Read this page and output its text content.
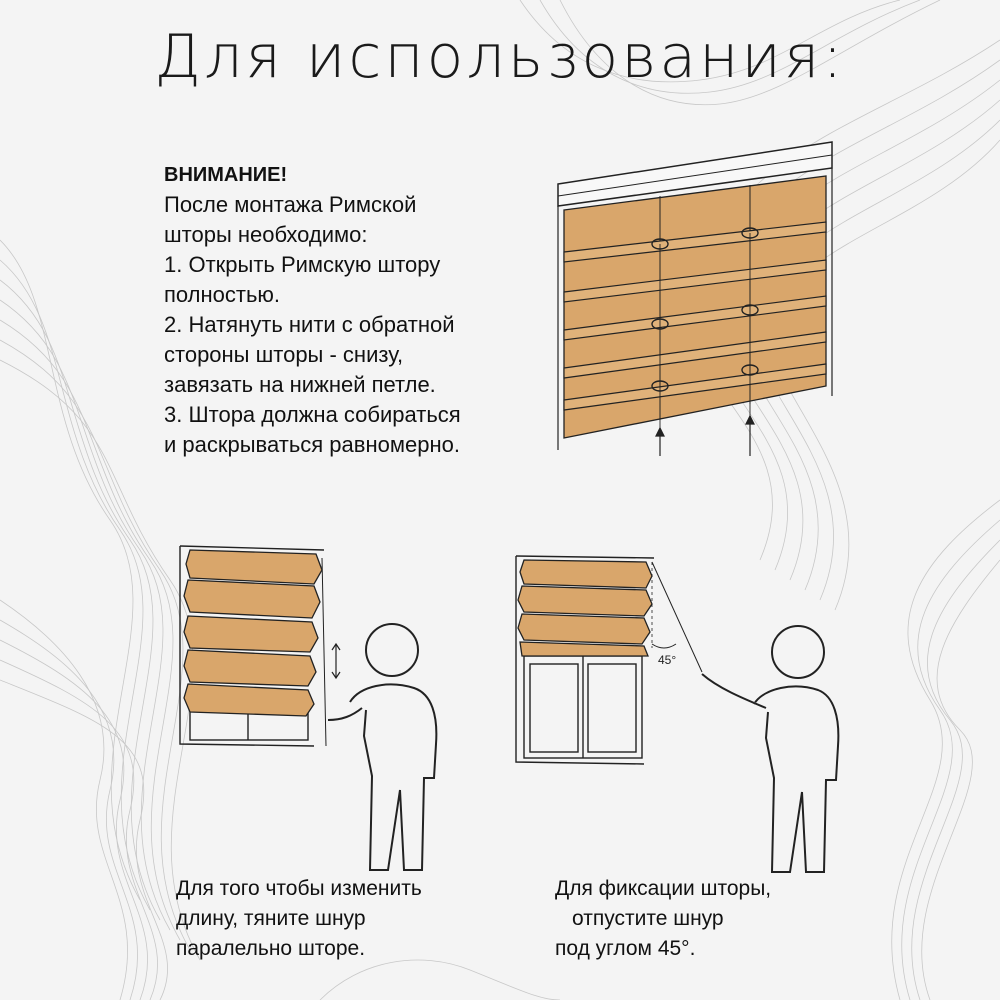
Для использования:

ВНИМАНИЕ!

После монтажа Римской

шторы необходимо:

1. Открыть Римскую штору

полностью.

2. Натянуть нити с обратной

стороны шторы - снизу,

завязать на нижней петле.

3. Штора должна собираться

и раскрываться равномерно.

45°

Для того чтобы изменить

длину, тяните шнур

паралельно шторе.

Для фиксации шторы,

отпустите шнур

под углом 45°.
